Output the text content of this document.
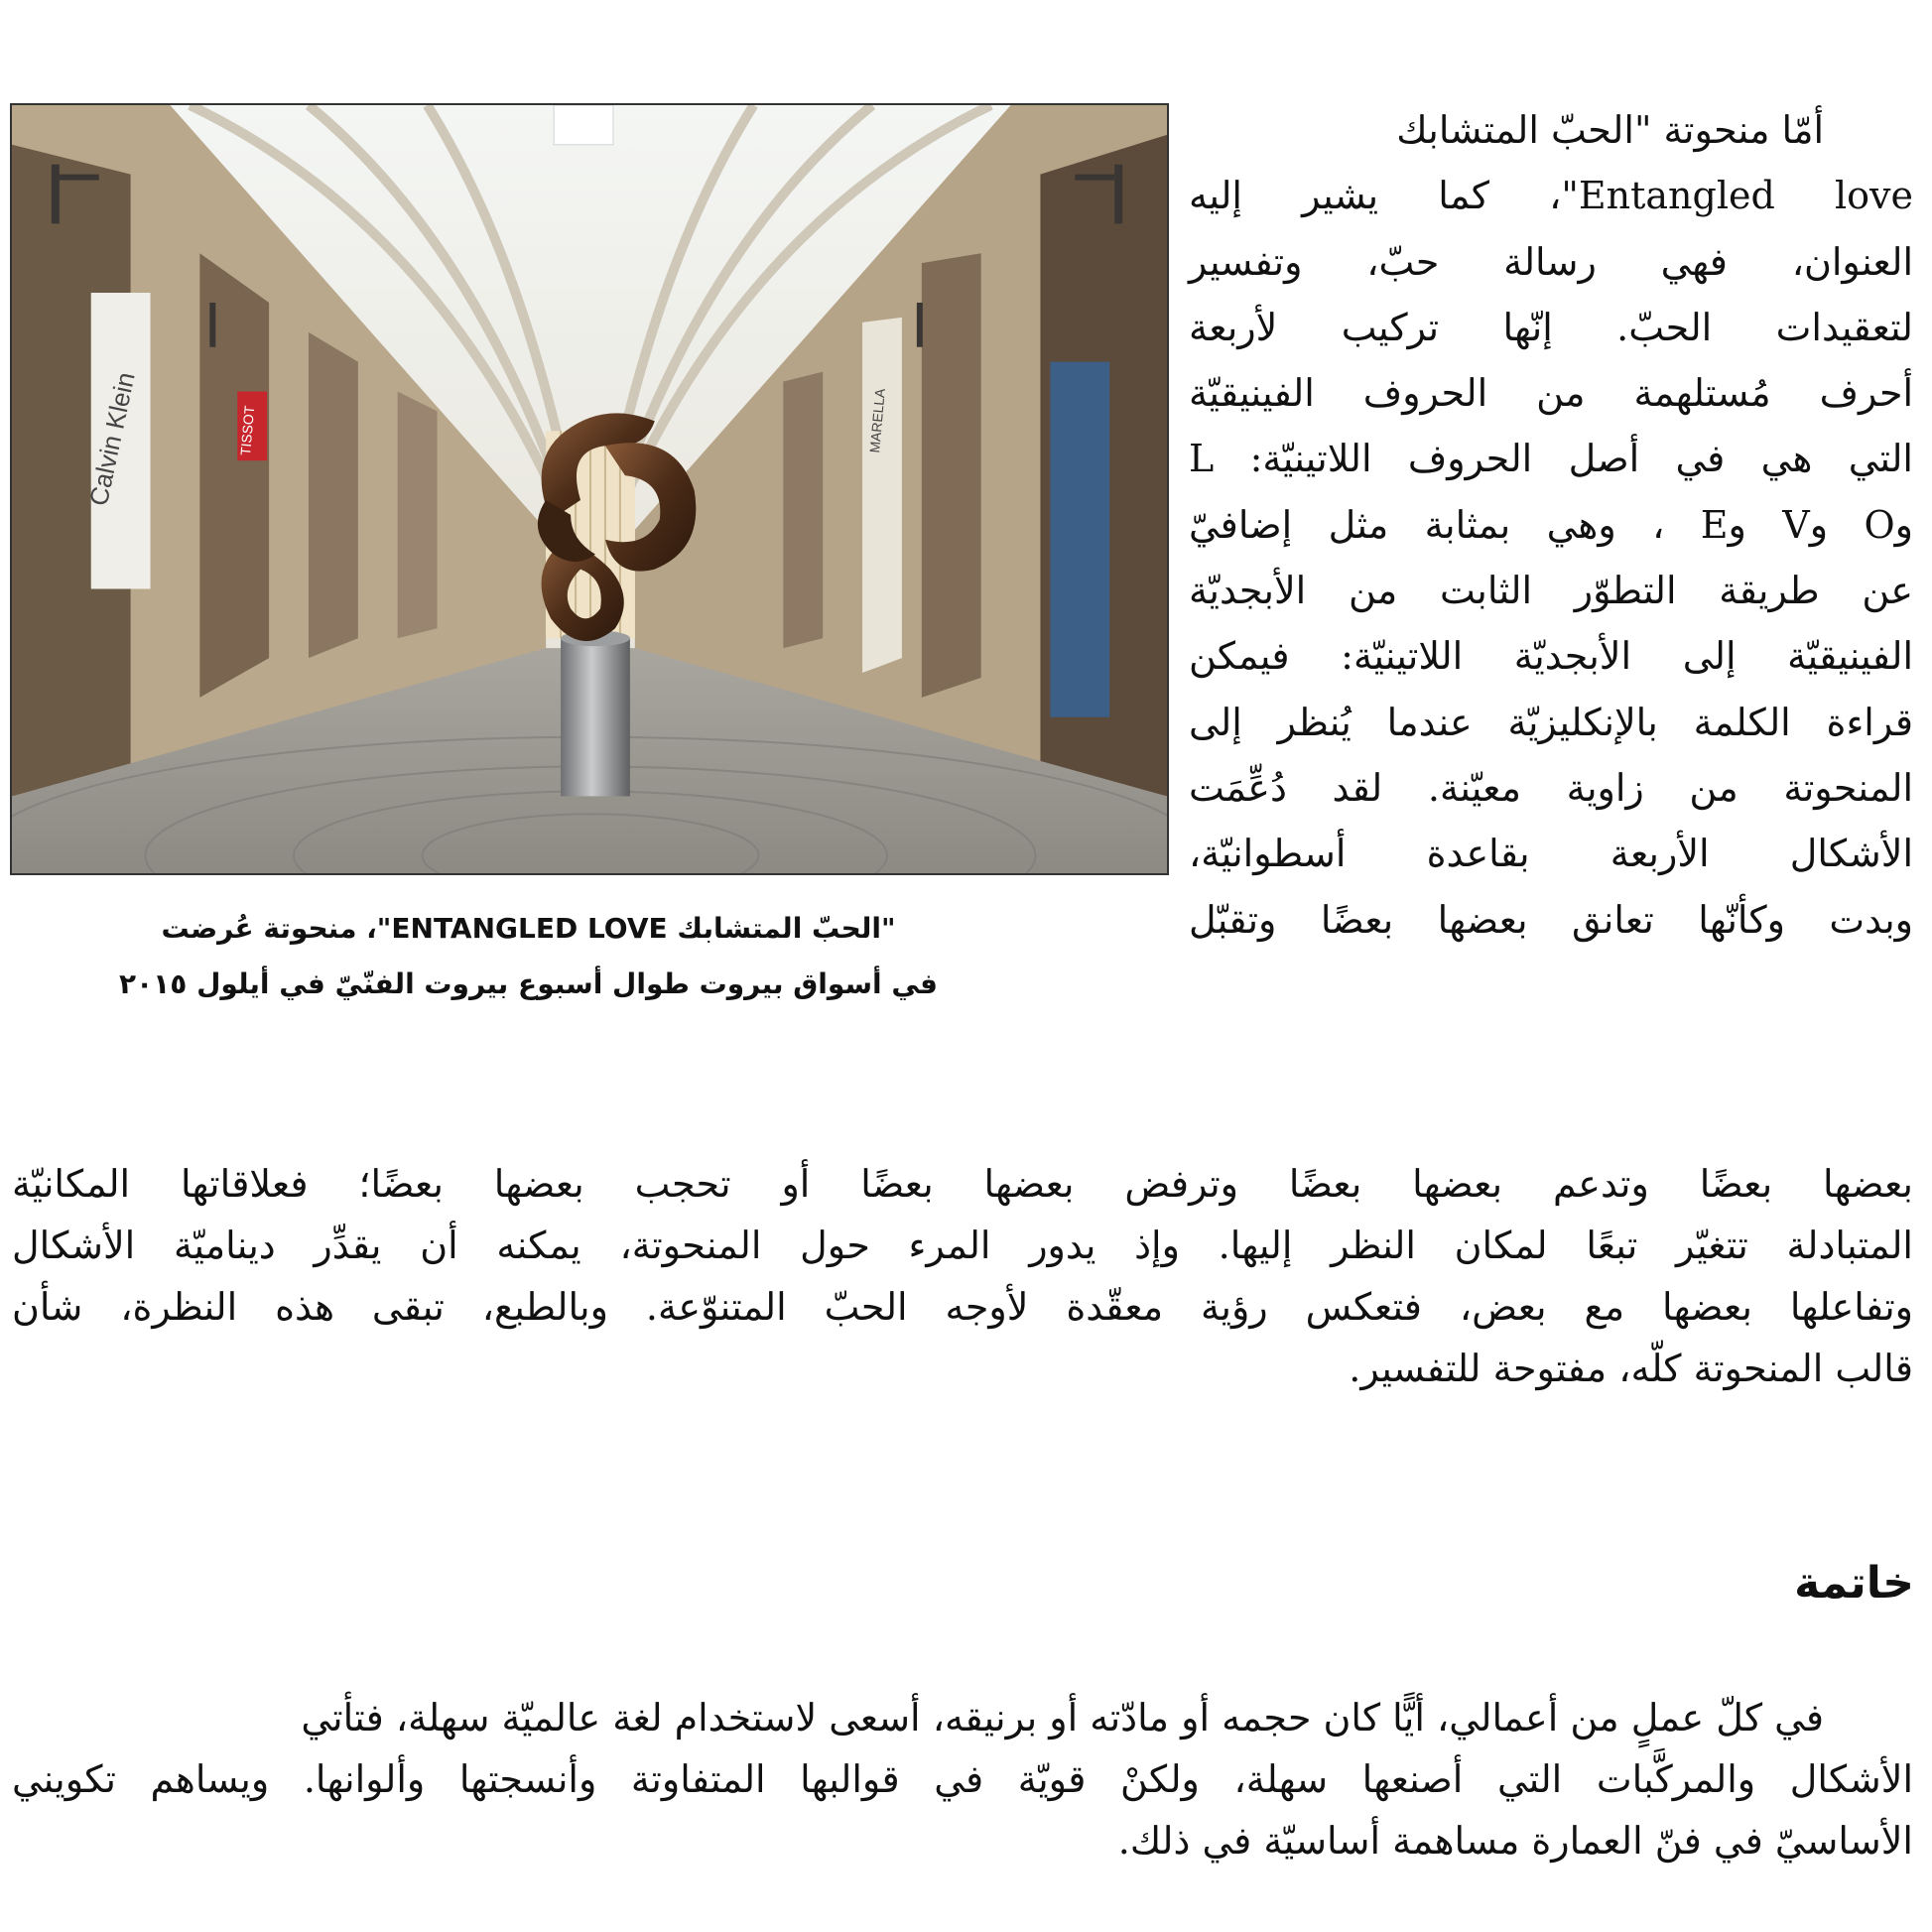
Calvin Klein	TISSOT	MARELLA
"الحبّ المتشابك ENTANGLED LOVE"، منحوتة عُرضت
في أسواق بيروت طوال أسبوع بيروت الفنّيّ في أيلول ٢٠١٥
أمّا منحوتة "الحبّ المتشابك
Entangled love"، كما يشير إليه
العنوان، فهي رسالة حبّ، وتفسير
لتعقيدات الحبّ. إنّها تركيب لأربعة
أحرف مُستلهمة من الحروف الفينيقيّة
التي هي في أصل الحروف اللاتينيّة: L
وO وV وE ، وهي بمثابة مثل إضافيّ
عن طريقة التطوّر الثابت من الأبجديّة
الفينيقيّة إلى الأبجديّة اللاتينيّة: فيمكن
قراءة الكلمة بالإنكليزيّة عندما يُنظر إلى
المنحوتة من زاوية معيّنة. لقد دُعِّمَت
الأشكال الأربعة بقاعدة أسطوانيّة،
وبدت وكأنّها تعانق بعضها بعضًا وتقبّل
بعضها بعضًا وتدعم بعضها بعضًا وترفض بعضها بعضًا أو تحجب بعضها بعضًا؛ فعلاقاتها المكانيّة
المتبادلة تتغيّر تبعًا لمكان النظر إليها. وإذ يدور المرء حول المنحوتة، يمكنه أن يقدِّر ديناميّة الأشكال
وتفاعلها بعضها مع بعض، فتعكس رؤية معقّدة لأوجه الحبّ المتنوّعة. وبالطبع، تبقى هذه النظرة، شأن
قالب المنحوتة كلّه، مفتوحة للتفسير.
خاتمة
في كلّ عملٍ من أعمالي، أيًّا كان حجمه أو مادّته أو برنيقه، أسعى لاستخدام لغة عالميّة سهلة، فتأتي
الأشكال والمركَّبات التي أصنعها سهلة، ولكنْ قويّة في قوالبها المتفاوتة وأنسجتها وألوانها. ويساهم تكويني
الأساسيّ في فنّ العمارة مساهمة أساسيّة في ذلك.
